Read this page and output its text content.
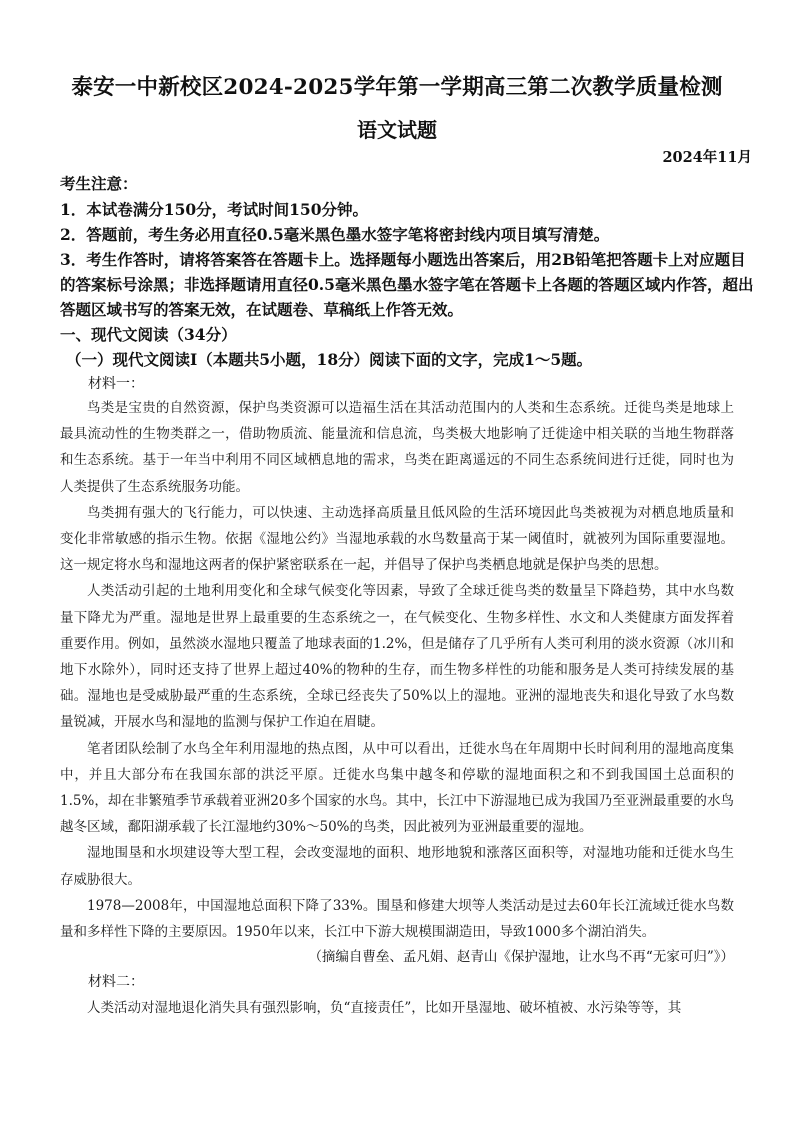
泰安一中新校区2024-2025学年第一学期高三第二次教学质量检测
语文试题
2024年11月
考生注意：
1．本试卷满分150分，考试时间150分钟。
2．答题前，考生务必用直径0.5毫米黑色墨水签字笔将密封线内项目填写清楚。
3．考生作答时，请将答案答在答题卡上。选择题每小题选出答案后，用2B铅笔把答题卡上对应题目的答案标号涂黑；非选择题请用直径0.5毫米黑色墨水签字笔在答题卡上各题的答题区域内作答，超出答题区域书写的答案无效，在试题卷、草稿纸上作答无效。
一、现代文阅读（34分）
（一）现代文阅读Ⅰ（本题共5小题，18分）阅读下面的文字，完成1～5题。
材料一：

鸟类是宝贵的自然资源，保护鸟类资源可以造福生活在其活动范围内的人类和生态系统。迁徙鸟类是地球上最具流动性的生物类群之一，借助物质流、能量流和信息流，鸟类极大地影响了迁徙途中相关联的当地生物群落和生态系统。基于一年当中利用不同区域栖息地的需求，鸟类在距离遥远的不同生态系统间进行迁徙，同时也为人类提供了生态系统服务功能。

鸟类拥有强大的飞行能力，可以快速、主动选择高质量且低风险的生活环境因此鸟类被视为对栖息地质量和变化非常敏感的指示生物。依据《湿地公约》当湿地承载的水鸟数量高于某一阈值时，就被列为国际重要湿地。这一规定将水鸟和湿地这两者的保护紧密联系在一起，并倡导了保护鸟类栖息地就是保护鸟类的思想。

人类活动引起的土地利用变化和全球气候变化等因素，导致了全球迁徙鸟类的数量呈下降趋势，其中水鸟数量下降尤为严重。湿地是世界上最重要的生态系统之一，在气候变化、生物多样性、水文和人类健康方面发挥着重要作用。例如，虽然淡水湿地只覆盖了地球表面的1.2%，但是储存了几乎所有人类可利用的淡水资源（冰川和地下水除外），同时还支持了世界上超过40%的物种的生存，而生物多样性的功能和服务是人类可持续发展的基础。湿地也是受威胁最严重的生态系统，全球已经丧失了50%以上的湿地。亚洲的湿地丧失和退化导致了水鸟数量锐减，开展水鸟和湿地的监测与保护工作迫在眉睫。

笔者团队绘制了水鸟全年利用湿地的热点图，从中可以看出，迁徙水鸟在年周期中长时间利用的湿地高度集中，并且大部分布在我国东部的洪泛平原。迁徙水鸟集中越冬和停歇的湿地面积之和不到我国国土总面积的1.5%，却在非繁殖季节承载着亚洲20多个国家的水鸟。其中，长江中下游湿地已成为我国乃至亚洲最重要的水鸟越冬区域，鄱阳湖承载了长江湿地约30%～50%的鸟类，因此被列为亚洲最重要的湿地。

湿地围垦和水坝建设等大型工程，会改变湿地的面积、地形地貌和涨落区面积等，对湿地功能和迁徙水鸟生存威胁很大。

1978—2008年，中国湿地总面积下降了33%。围垦和修建大坝等人类活动是过去60年长江流域迁徙水鸟数量和多样性下降的主要原因。1950年以来，长江中下游大规模围湖造田，导致1000多个湖泊消失。

（摘编自曹垒、孟凡娟、赵青山《保护湿地，让水鸟不再“无家可归”》）
材料二：

人类活动对湿地退化消失具有强烈影响，负“直接责任”，比如开垦湿地、破坏植被、水污染等等，其
